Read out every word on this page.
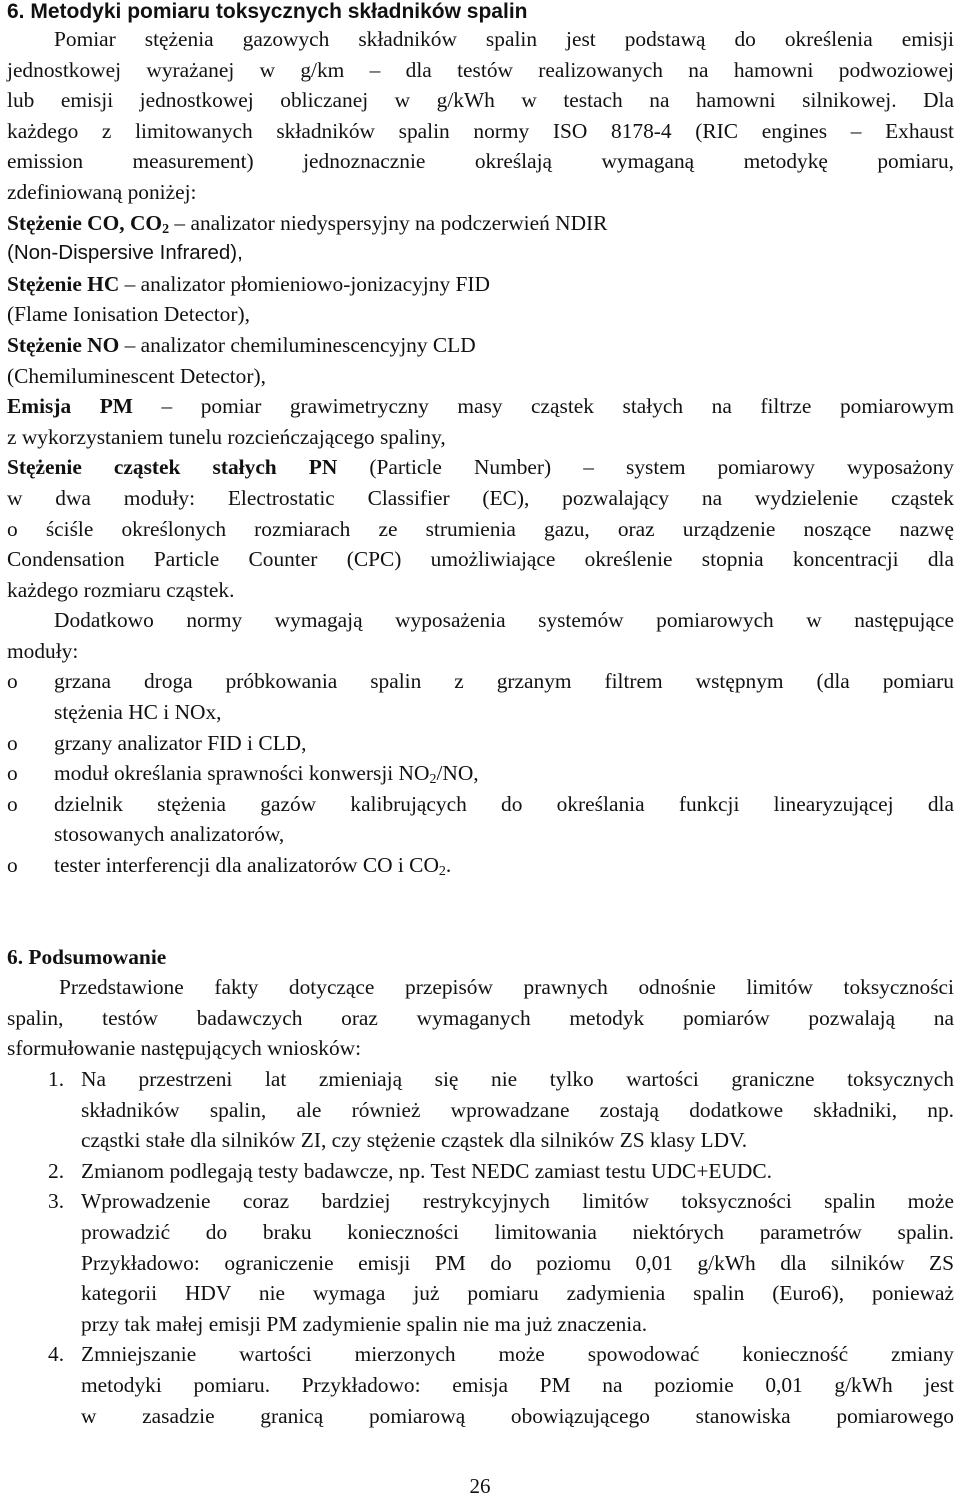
6. Metodyki pomiaru toksycznych składników spalin
Pomiar stężenia gazowych składników spalin jest podstawą do określenia emisji
jednostkowej wyrażanej w g/km – dla testów realizowanych na hamowni podwoziowej
lub emisji jednostkowej obliczanej w g/kWh w testach na hamowni silnikowej. Dla
każdego z limitowanych składników spalin normy ISO 8178-4 (RIC engines – Exhaust
emission measurement) jednoznacznie określają wymaganą metodykę pomiaru,
zdefiniowaną poniżej:
Stężenie CO, $CO_2$ – analizator niedyspersyjny na podczerwień NDIR
(Non-Dispersive Infrared),
Stężenie HC – analizator płomieniowo-jonizacyjny FID
(Flame Ionisation Detector),
Stężenie NO – analizator chemiluminescencyjny CLD
(Chemiluminescent Detector),
Emisja PM – pomiar grawimetryczny masy cząstek stałych na filtrze pomiarowym
z wykorzystaniem tunelu rozcieńczającego spaliny,
Stężenie cząstek stałych PN (Particle Number) – system pomiarowy wyposażony
w dwa moduły: Electrostatic Classifier (EC), pozwalający na wydzielenie cząstek
o ściśle określonych rozmiarach ze strumienia gazu, oraz urządzenie noszące nazwę
Condensation Particle Counter (CPC) umożliwiające określenie stopnia koncentracji dla
każdego rozmiaru cząstek.
Dodatkowo normy wymagają wyposażenia systemów pomiarowych w następujące
moduły:
o	grzana droga próbkowania spalin z grzanym filtrem wstępnym (dla pomiaru
stężenia HC i NOx,
o	grzany analizator FID i CLD,
o	moduł określania sprawności konwersji $NO_2/NO$,
o	dzielnik stężenia gazów kalibrujących do określania funkcji linearyzującej dla
stosowanych analizatorów,
o	tester interferencji dla analizatorów CO i $CO_2$.
6. Podsumowanie
Przedstawione fakty dotyczące przepisów prawnych odnośnie limitów toksyczności
spalin, testów badawczych oraz wymaganych metodyk pomiarów pozwalają na
sformułowanie następujących wniosków:
1. Na przestrzeni lat zmieniają się nie tylko wartości graniczne toksycznych
składników spalin, ale również wprowadzane zostają dodatkowe składniki, np.
cząstki stałe dla silników ZI, czy stężenie cząstek dla silników ZS klasy LDV.
2. Zmianom podlegają testy badawcze, np. Test NEDC zamiast testu UDC+EUDC.
3. Wprowadzenie coraz bardziej restrykcyjnych limitów toksyczności spalin może
prowadzić do braku konieczności limitowania niektórych parametrów spalin.
Przykładowo: ograniczenie emisji PM do poziomu 0,01 g/kWh dla silników ZS
kategorii HDV nie wymaga już pomiaru zadymienia spalin (Euro6), ponieważ
przy tak małej emisji PM zadymienie spalin nie ma już znaczenia.
4. Zmniejszanie wartości mierzonych może spowodować konieczność zmiany
metodyki pomiaru. Przykładowo: emisja PM na poziomie 0,01 g/kWh jest
w zasadzie granicą pomiarową obowiązującego stanowiska pomiarowego
26
